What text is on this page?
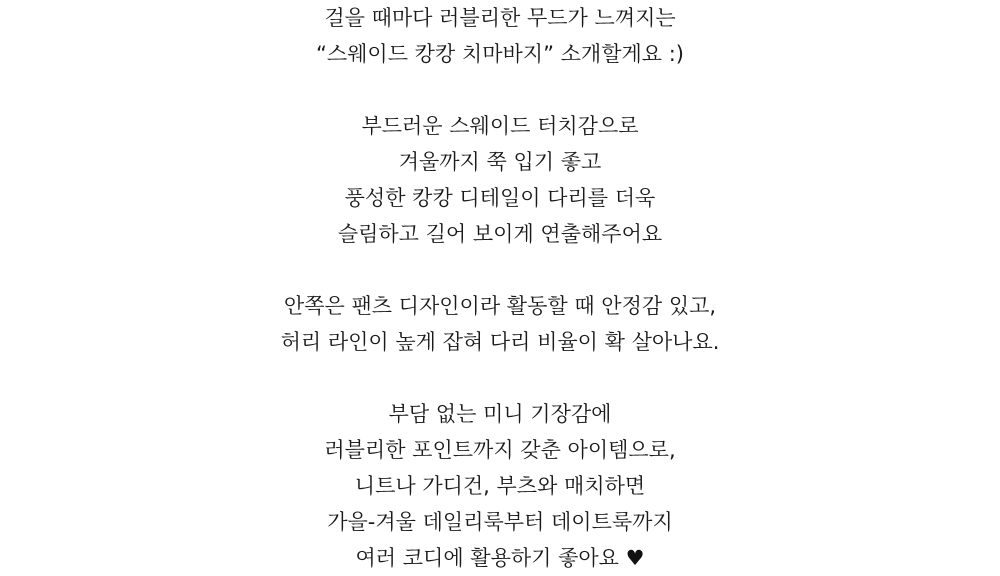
걸을 때마다 러블리한 무드가 느껴지는
“스웨이드 캉캉 치마바지” 소개할게요 :)
부드러운 스웨이드 터치감으로
겨울까지 쭉 입기 좋고
풍성한 캉캉 디테일이 다리를 더욱
슬림하고 길어 보이게 연출해주어요
안쪽은 팬츠 디자인이라 활동할 때 안정감 있고,
허리 라인이 높게 잡혀 다리 비율이 확 살아나요.
부담 없는 미니 기장감에
러블리한 포인트까지 갖춘 아이템으로,
니트나 가디건, 부츠와 매치하면
가을-겨울 데일리룩부터 데이트룩까지
여러 코디에 활용하기 좋아요 ♥
